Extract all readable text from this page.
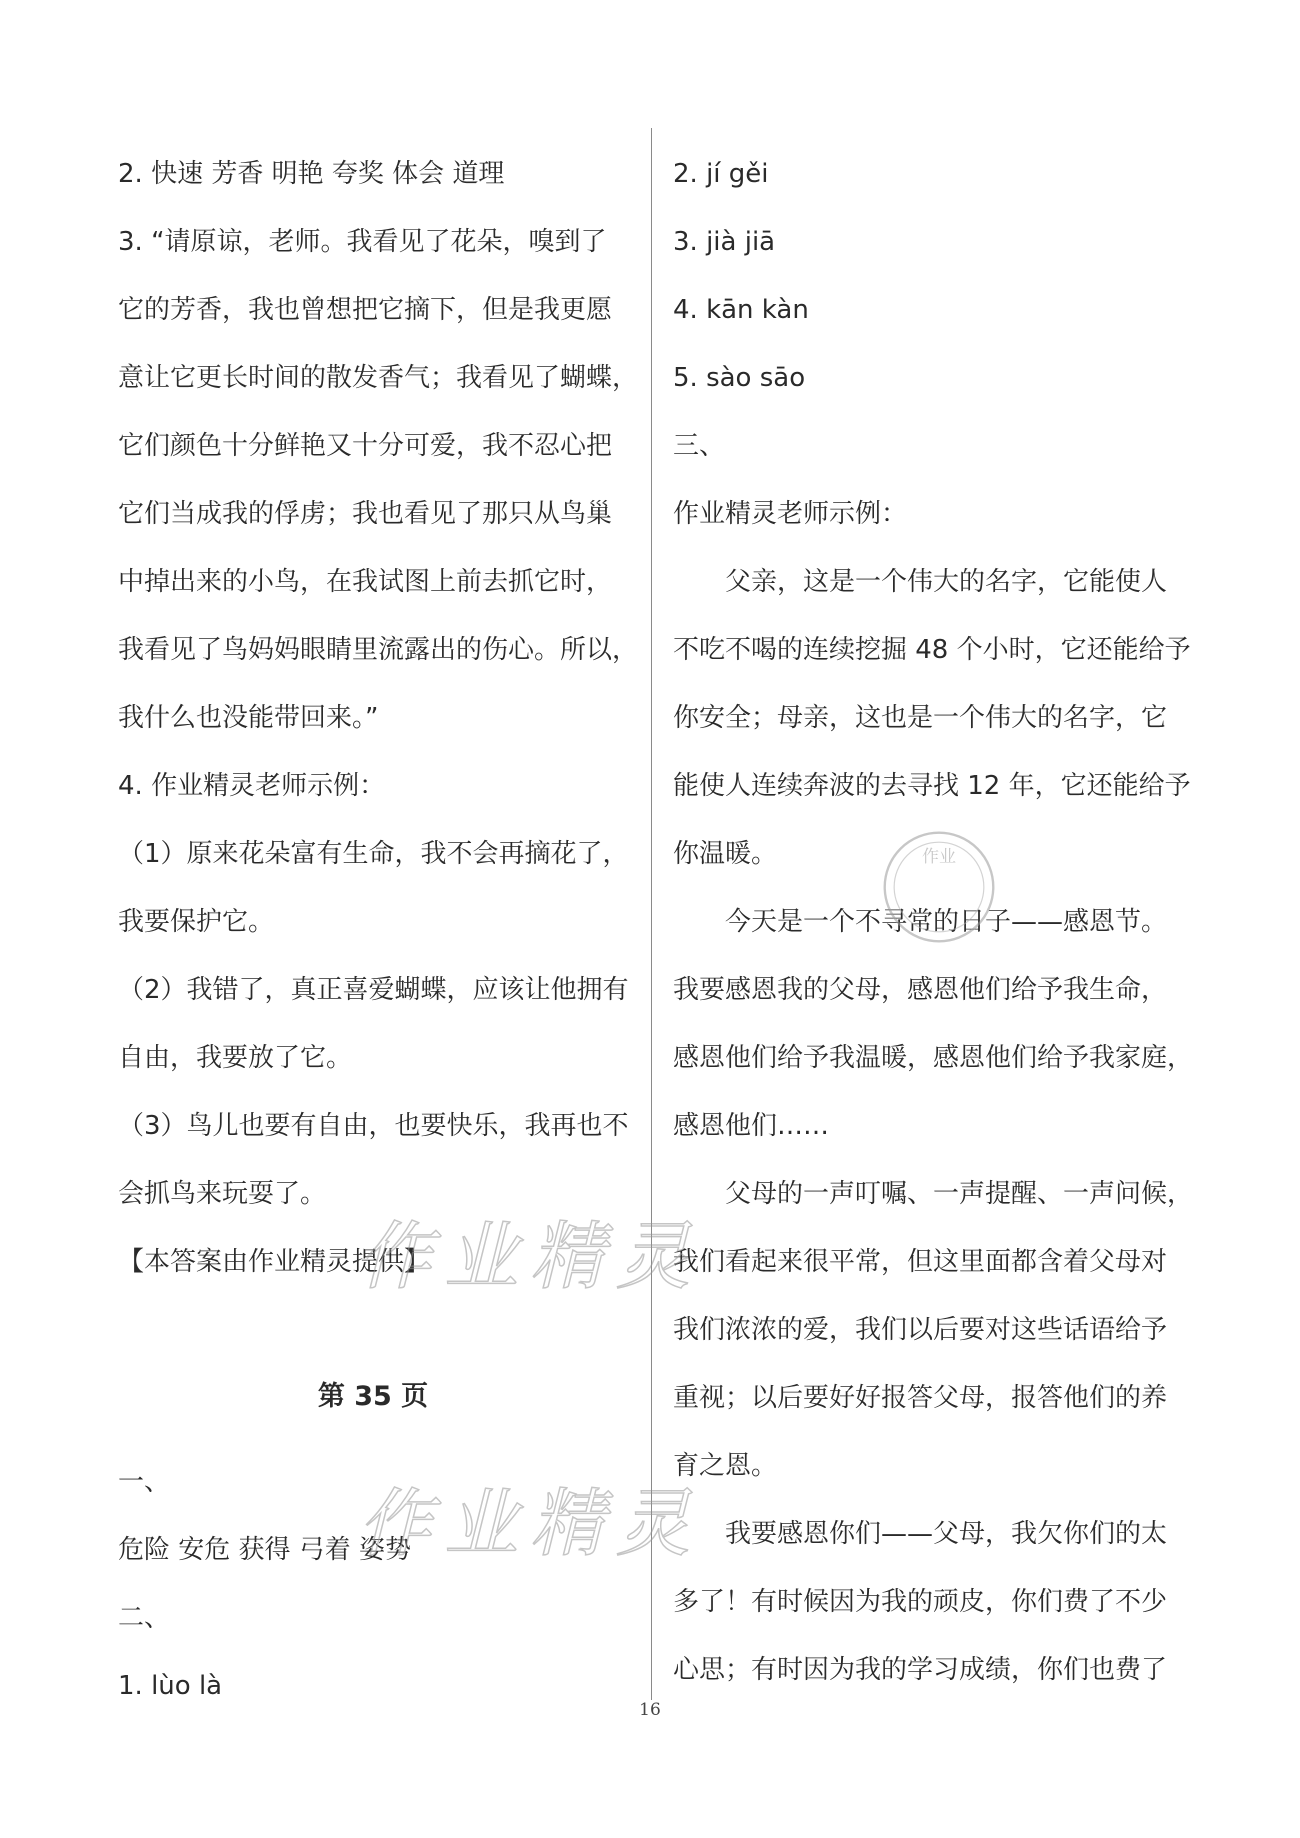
2. 快速 芳香 明艳 夸奖 体会 道理
3. “请原谅，老师。我看见了花朵，嗅到了
它的芳香，我也曾想把它摘下，但是我更愿
意让它更长时间的散发香气；我看见了蝴蝶，
它们颜色十分鲜艳又十分可爱，我不忍心把
它们当成我的俘虏；我也看见了那只从鸟巢
中掉出来的小鸟，在我试图上前去抓它时，
我看见了鸟妈妈眼睛里流露出的伤心。所以，
我什么也没能带回来。”
4. 作业精灵老师示例：
（1）原来花朵富有生命，我不会再摘花了，
我要保护它。
（2）我错了，真正喜爱蝴蝶，应该让他拥有
自由，我要放了它。
（3）鸟儿也要有自由，也要快乐，我再也不
会抓鸟来玩耍了。
【本答案由作业精灵提供】
第 35 页
一、
危险 安危 获得 弓着 姿势
二、
1. lùo là
2. jí gěi
3. jià jiā
4. kān kàn
5. sào sāo
三、
作业精灵老师示例：
父亲，这是一个伟大的名字，它能使人
不吃不喝的连续挖掘 48 个小时，它还能给予
你安全；母亲，这也是一个伟大的名字，它
能使人连续奔波的去寻找 12 年，它还能给予
你温暖。
今天是一个不寻常的日子——感恩节。
我要感恩我的父母，感恩他们给予我生命，
感恩他们给予我温暖，感恩他们给予我家庭，
感恩他们……
父母的一声叮嘱、一声提醒、一声问候，
我们看起来很平常，但这里面都含着父母对
我们浓浓的爱，我们以后要对这些话语给予
重视；以后要好好报答父母，报答他们的养
育之恩。
我要感恩你们——父母，我欠你们的太
多了！有时候因为我的顽皮，你们费了不少
心思；有时因为我的学习成绩，你们也费了
作业精灵
作业精灵
作业
16
